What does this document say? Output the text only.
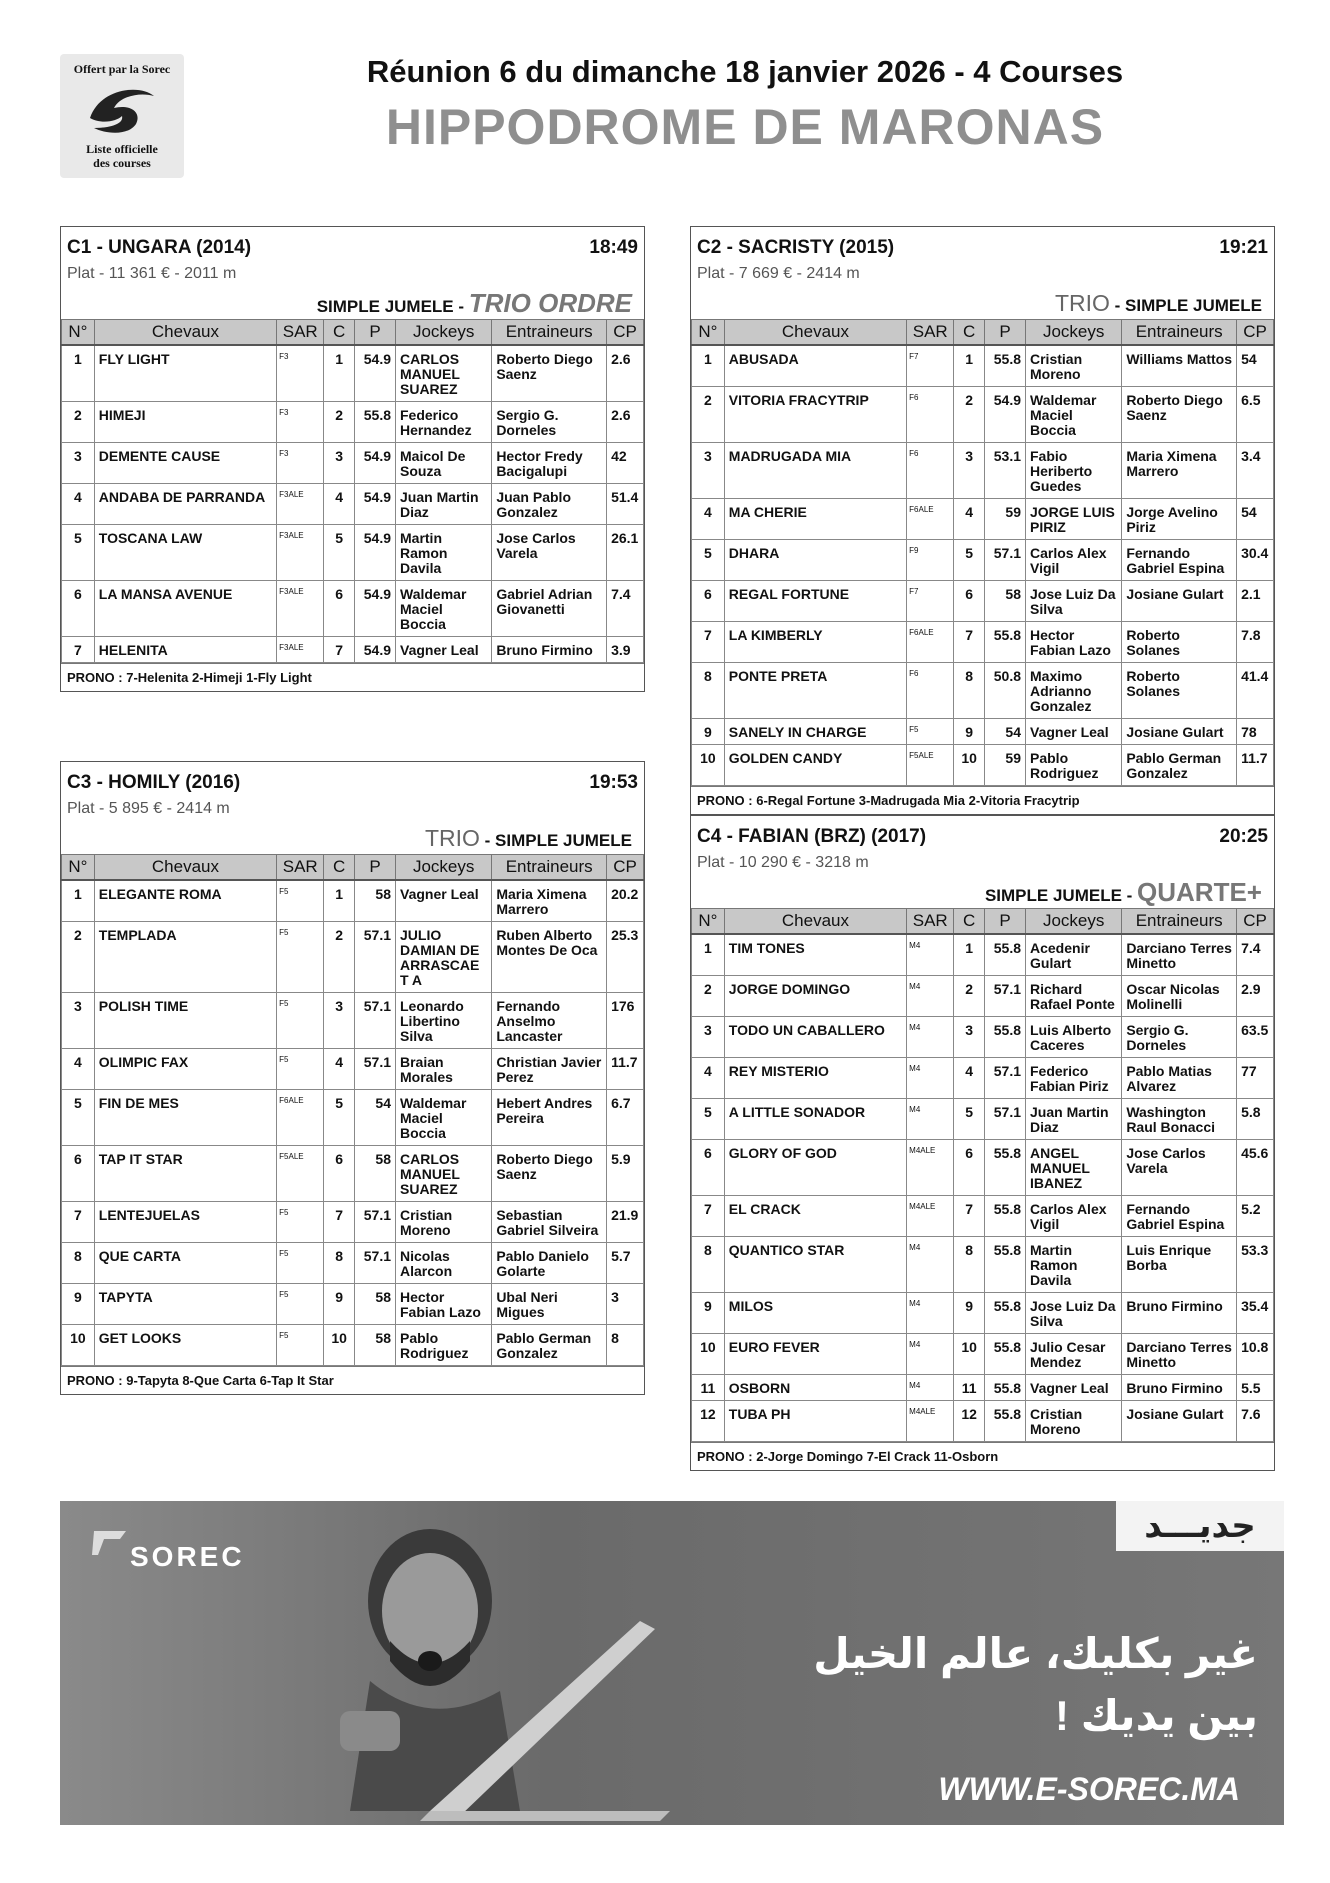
Offert par la Sorec
Liste officielle
des courses
Réunion 6 du dimanche 18 janvier 2026 - 4 Courses
HIPPODROME DE MARONAS
C1 - UNGARA (2014)	18:49
Plat - 11 361 € - 2011 m
SIMPLE JUMELE - TRIO ORDRE
N°	Chevaux	SAR	C	P	Jockeys	Entraineurs	CP
1	FLY LIGHT	F3	1	54.9	CARLOS MANUEL SUAREZ	Roberto Diego Saenz	2.6
2	HIMEJI	F3	2	55.8	Federico Hernandez	Sergio G. Dorneles	2.6
3	DEMENTE CAUSE	F3	3	54.9	Maicol De Souza	Hector Fredy Bacigalupi	42
4	ANDABA DE PARRANDA	F3ALE	4	54.9	Juan Martin Diaz	Juan Pablo Gonzalez	51.4
5	TOSCANA LAW	F3ALE	5	54.9	Martin Ramon Davila	Jose Carlos Varela	26.1
6	LA MANSA AVENUE	F3ALE	6	54.9	Waldemar Maciel Boccia	Gabriel Adrian Giovanetti	7.4
7	HELENITA	F3ALE	7	54.9	Vagner Leal	Bruno Firmino	3.9
PRONO : 7-Helenita 2-Himeji 1-Fly Light
C2 - SACRISTY (2015)	19:21
Plat - 7 669 € - 2414 m
TRIO - SIMPLE JUMELE
N°	Chevaux	SAR	C	P	Jockeys	Entraineurs	CP
1	ABUSADA	F7	1	55.8	Cristian Moreno	Williams Mattos	54
2	VITORIA FRACYTRIP	F6	2	54.9	Waldemar Maciel Boccia	Roberto Diego Saenz	6.5
3	MADRUGADA MIA	F6	3	53.1	Fabio Heriberto Guedes	Maria Ximena Marrero	3.4
4	MA CHERIE	F6ALE	4	59	JORGE LUIS PIRIZ	Jorge Avelino Piriz	54
5	DHARA	F9	5	57.1	Carlos Alex Vigil	Fernando Gabriel Espina	30.4
6	REGAL FORTUNE	F7	6	58	Jose Luiz Da Silva	Josiane Gulart	2.1
7	LA KIMBERLY	F6ALE	7	55.8	Hector Fabian Lazo	Roberto Solanes	7.8
8	PONTE PRETA	F6	8	50.8	Maximo Adrianno Gonzalez	Roberto Solanes	41.4
9	SANELY IN CHARGE	F5	9	54	Vagner Leal	Josiane Gulart	78
10	GOLDEN CANDY	F5ALE	10	59	Pablo Rodriguez	Pablo German Gonzalez	11.7
PRONO : 6-Regal Fortune 3-Madrugada Mia 2-Vitoria Fracytrip
C3 - HOMILY (2016)	19:53
Plat - 5 895 € - 2414 m
TRIO - SIMPLE JUMELE
N°	Chevaux	SAR	C	P	Jockeys	Entraineurs	CP
1	ELEGANTE ROMA	F5	1	58	Vagner Leal	Maria Ximena Marrero	20.2
2	TEMPLADA	F5	2	57.1	JULIO DAMIAN DE ARRASCAET A	Ruben Alberto Montes De Oca	25.3
3	POLISH TIME	F5	3	57.1	Leonardo Libertino Silva	Fernando Anselmo Lancaster	176
4	OLIMPIC FAX	F5	4	57.1	Braian Morales	Christian Javier Perez	11.7
5	FIN DE MES	F6ALE	5	54	Waldemar Maciel Boccia	Hebert Andres Pereira	6.7
6	TAP IT STAR	F5ALE	6	58	CARLOS MANUEL SUAREZ	Roberto Diego Saenz	5.9
7	LENTEJUELAS	F5	7	57.1	Cristian Moreno	Sebastian Gabriel Silveira	21.9
8	QUE CARTA	F5	8	57.1	Nicolas Alarcon	Pablo Danielo Golarte	5.7
9	TAPYTA	F5	9	58	Hector Fabian Lazo	Ubal Neri Migues	3
10	GET LOOKS	F5	10	58	Pablo Rodriguez	Pablo German Gonzalez	8
PRONO : 9-Tapyta 8-Que Carta 6-Tap It Star
C4 - FABIAN (BRZ) (2017)	20:25
Plat - 10 290 € - 3218 m
SIMPLE JUMELE - QUARTE+
N°	Chevaux	SAR	C	P	Jockeys	Entraineurs	CP
1	TIM TONES	M4	1	55.8	Acedenir Gulart	Darciano Terres Minetto	7.4
2	JORGE DOMINGO	M4	2	57.1	Richard Rafael Ponte	Oscar Nicolas Molinelli	2.9
3	TODO UN CABALLERO	M4	3	55.8	Luis Alberto Caceres	Sergio G. Dorneles	63.5
4	REY MISTERIO	M4	4	57.1	Federico Fabian Piriz	Pablo Matias Alvarez	77
5	A LITTLE SONADOR	M4	5	57.1	Juan Martin Diaz	Washington Raul Bonacci	5.8
6	GLORY OF GOD	M4ALE	6	55.8	ANGEL MANUEL IBANEZ	Jose Carlos Varela	45.6
7	EL CRACK	M4ALE	7	55.8	Carlos Alex Vigil	Fernando Gabriel Espina	5.2
8	QUANTICO STAR	M4	8	55.8	Martin Ramon Davila	Luis Enrique Borba	53.3
9	MILOS	M4	9	55.8	Jose Luiz Da Silva	Bruno Firmino	35.4
10	EURO FEVER	M4	10	55.8	Julio Cesar Mendez	Darciano Terres Minetto	10.8
11	OSBORN	M4	11	55.8	Vagner Leal	Bruno Firmino	5.5
12	TUBA PH	M4ALE	12	55.8	Cristian Moreno	Josiane Gulart	7.6
PRONO : 2-Jorge Domingo 7-El Crack 11-Osborn
SOREC
جديـــد
غير بكليك، عالم الخيل
بين يديك !
WWW.E-SOREC.MA
